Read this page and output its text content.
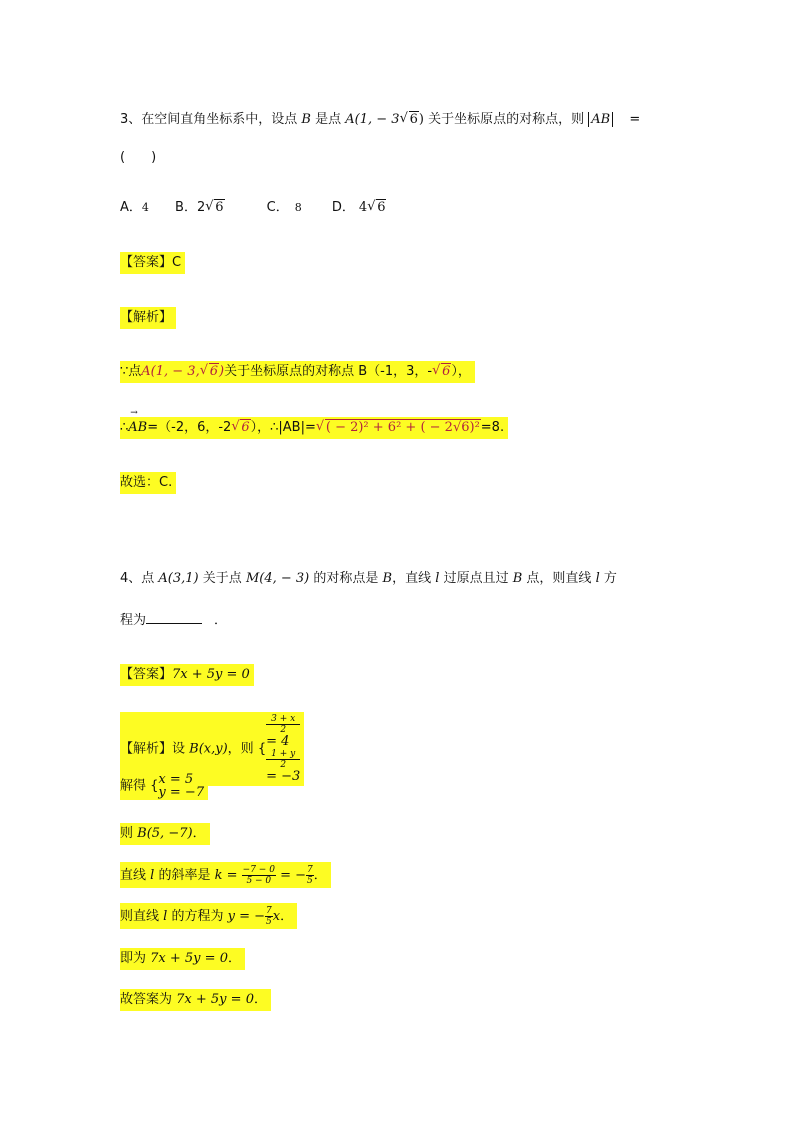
3、在空间直角坐标系中，设点 B 是点 A(1, − 3 √ 6) 关于坐标原点的对称点，则 AB =
(　　)
A．4 B．2 √ 6	C． 8 D． 4 √ 6
【答案】C
【解析】
∵点A(1, − 3, √ 6)关于坐标原点的对称点 B（-1，3，- √ 6），
∴→ AB=（-2，6，-2 √ 6），∴|AB|= √ ( − 2)² + 6² + ( − 2√6)²=8.
故选：C.
4、点 A(3,1) 关于点 M(4, − 3) 的对称点是 B，直线 l 过原点且过 B 点，则直线 l 方
程为	．
【答案】7x + 5y = 0
【解析】设 B(x,y)，则 {
3 + x
2
= 4
1 + y
2
= −3
解得 { x = 5
y = −7
则 B(5, −7)．
直线 l 的斜率是 $k = \frac{-7 - 0}{5 - 0}$ = − $\frac{7}{5}$ ．
则直线 l 的方程为 y = − $\frac{7}{5}$ x．
即为 7x + 5y = 0．
故答案为 7x + 5y = 0．
